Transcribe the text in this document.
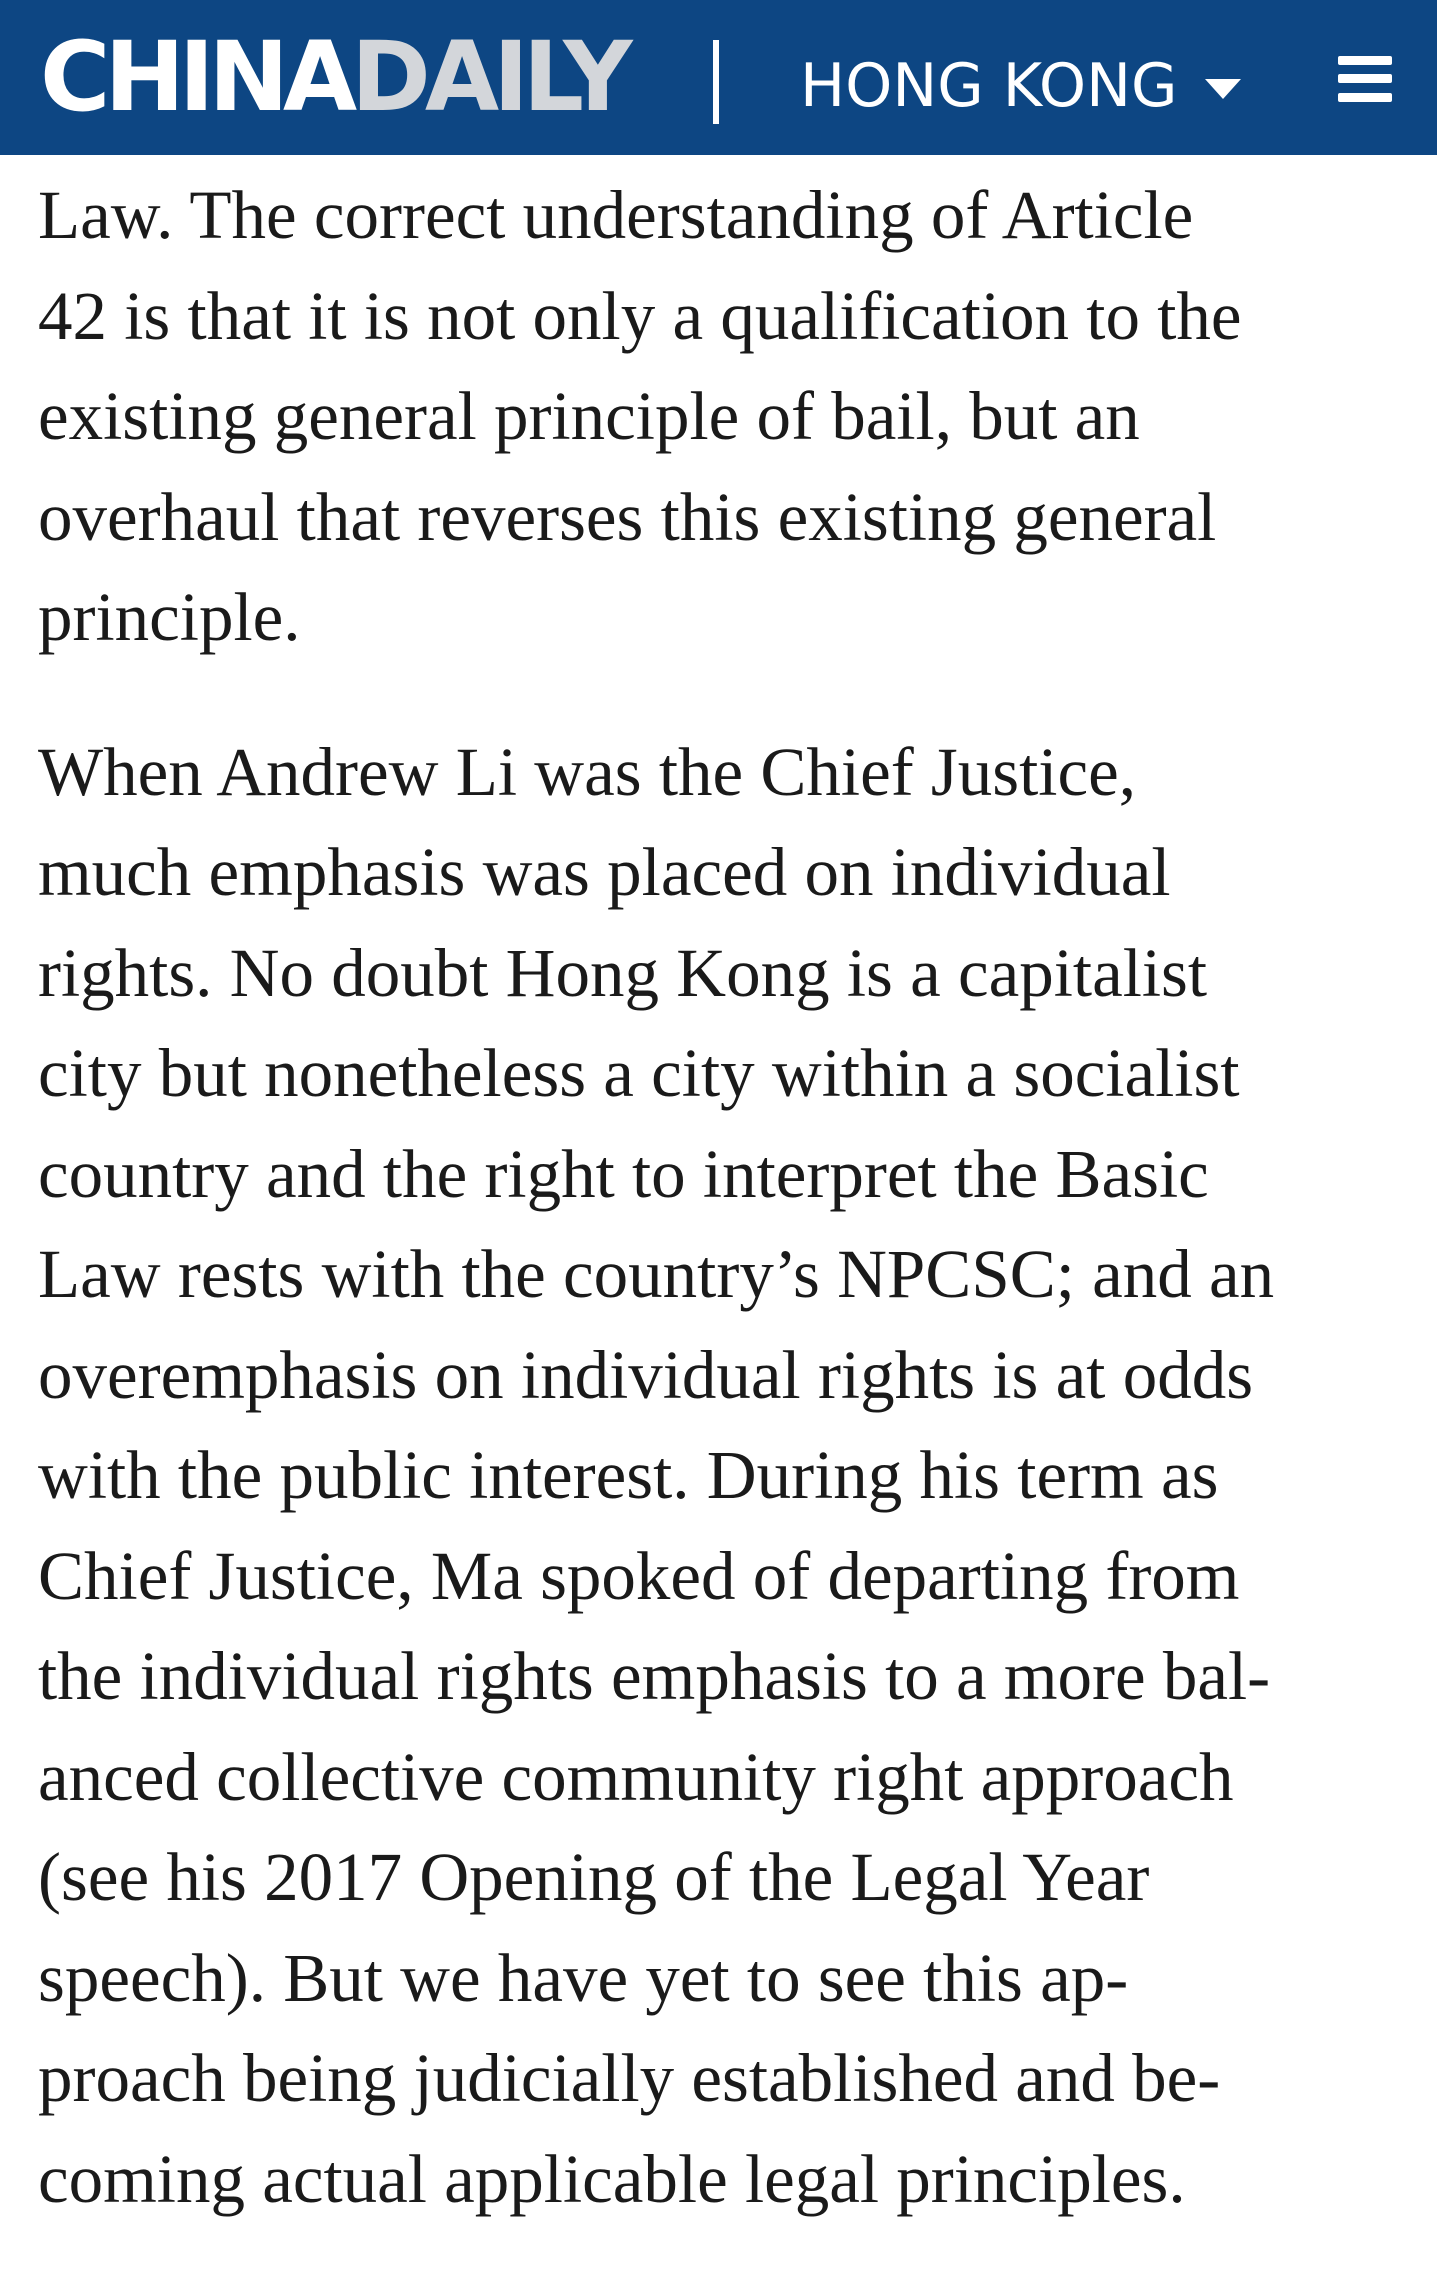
CHINADAILY	HONG KONG

Law. The correct understanding of Article
42 is that it is not only a qualification to the
existing general principle of bail, but an
overhaul that reverses this existing general
principle.

When Andrew Li was the Chief Justice,
much emphasis was placed on individual
rights. No doubt Hong Kong is a capitalist
city but nonetheless a city within a socialist
country and the right to interpret the Basic
Law rests with the country’s NPCSC; and an
overemphasis on individual rights is at odds
with the public interest. During his term as
Chief Justice, Ma spoked of departing from
the individual rights emphasis to a more bal-
anced collective community right approach
(see his 2017 Opening of the Legal Year
speech). But we have yet to see this ap-
proach being judicially established and be-
coming actual applicable legal principles.
